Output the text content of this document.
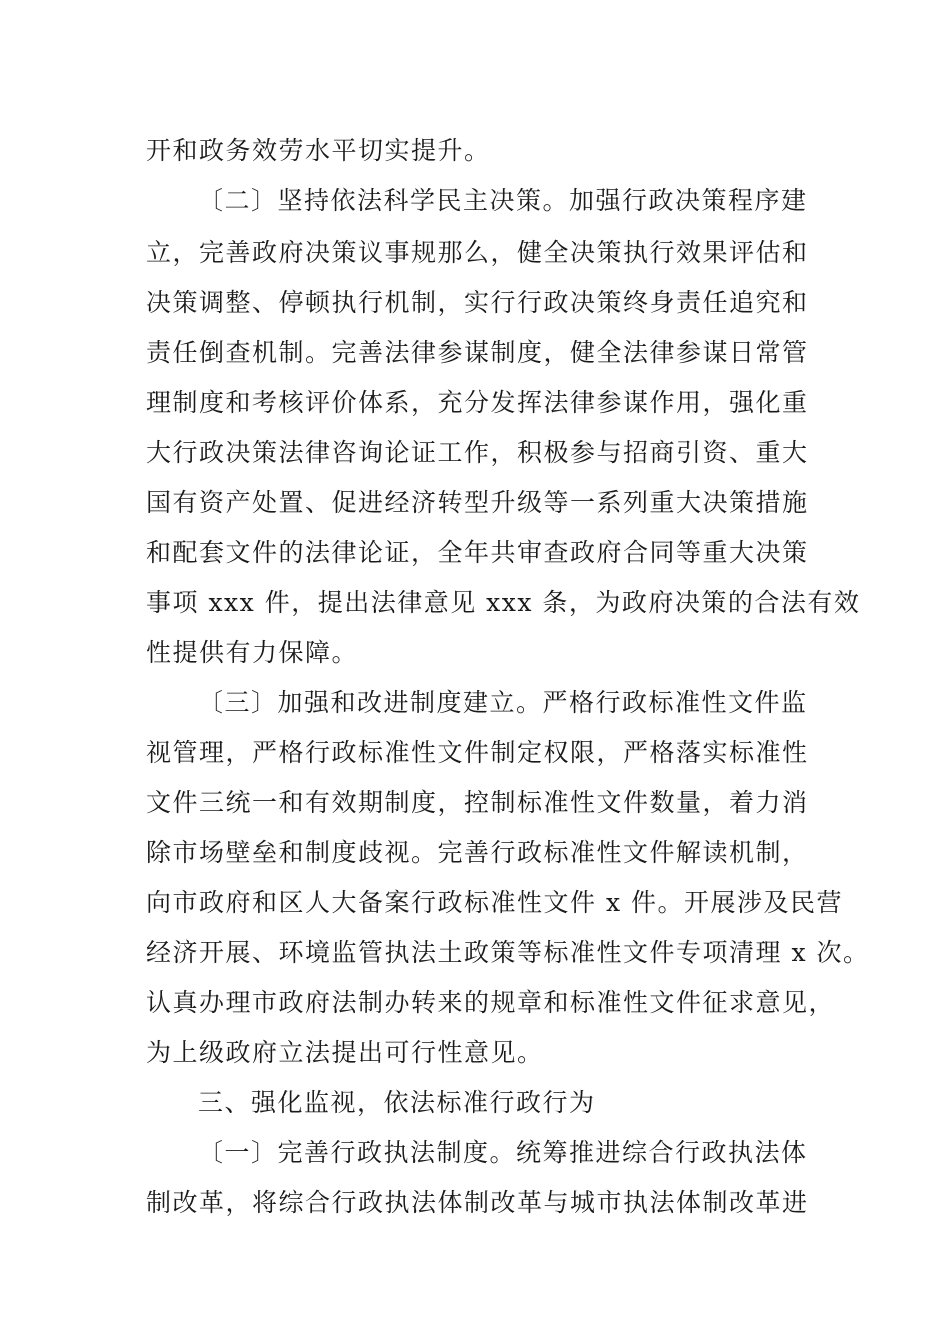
开和政务效劳水平切实提升。
〔二〕坚持依法科学民主决策。加强行政决策程序建
立，完善政府决策议事规那么，健全决策执行效果评估和
决策调整、停顿执行机制，实行行政决策终身责任追究和
责任倒查机制。完善法律参谋制度，健全法律参谋日常管
理制度和考核评价体系，充分发挥法律参谋作用，强化重
大行政决策法律咨询论证工作，积极参与招商引资、重大
国有资产处置、促进经济转型升级等一系列重大决策措施
和配套文件的法律论证，全年共审查政府合同等重大决策
事项 xxx 件，提出法律意见 xxx 条，为政府决策的合法有效
性提供有力保障。
〔三〕加强和改进制度建立。严格行政标准性文件监
视管理，严格行政标准性文件制定权限，严格落实标准性
文件三统一和有效期制度，控制标准性文件数量，着力消
除市场壁垒和制度歧视。完善行政标准性文件解读机制，
向市政府和区人大备案行政标准性文件 x 件。开展涉及民营
经济开展、环境监管执法土政策等标准性文件专项清理 x 次。
认真办理市政府法制办转来的规章和标准性文件征求意见，
为上级政府立法提出可行性意见。
三、强化监视，依法标准行政行为
〔一〕完善行政执法制度。统筹推进综合行政执法体
制改革，将综合行政执法体制改革与城市执法体制改革进
